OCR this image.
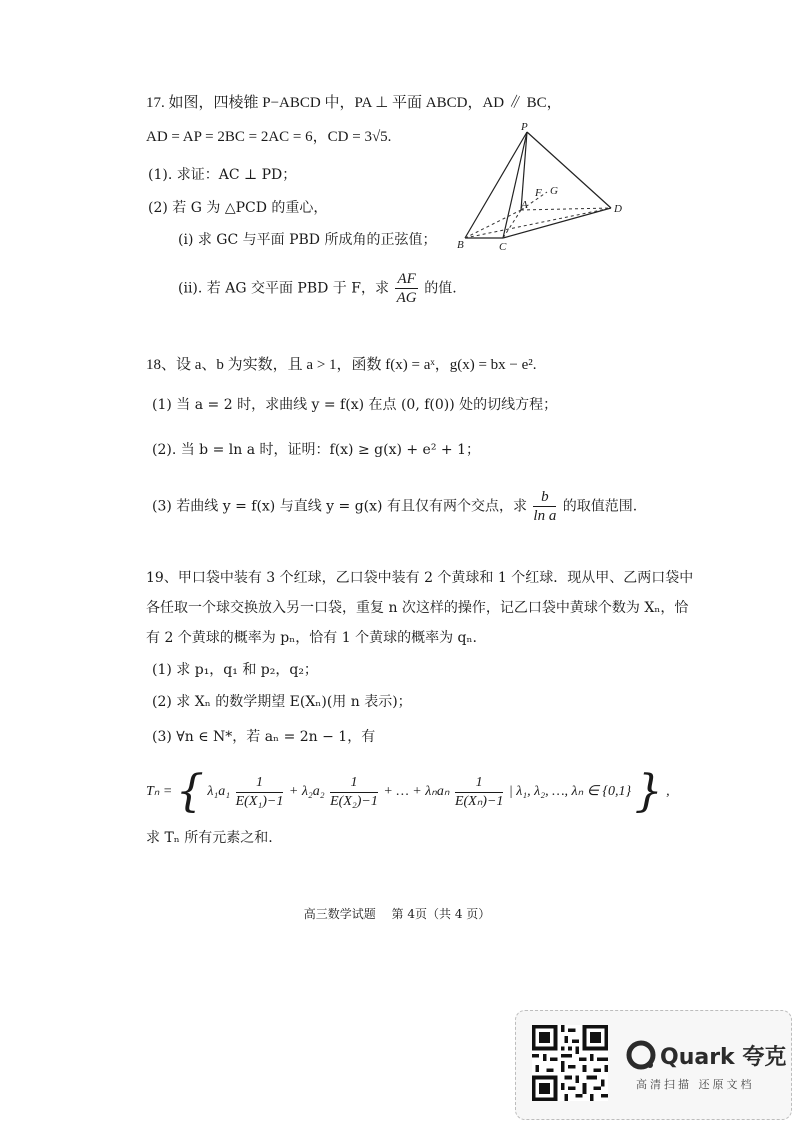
17. 如图，四棱锥 P−ABCD 中，PA ⊥ 平面 ABCD，AD ∥ BC，
AD = AP = 2BC = 2AC = 6，CD = 3√5.
(1). 求证：AC ⊥ PD；
(2) 若 G 为 △PCD 的重心，
(i) 求 GC 与平面 PBD 所成角的正弦值；
(ii). 若 AG 交平面 PBD 于 F，求 $\frac{AF}{AG}$ 的值.
P
A
B	C
D
F G
18、设 a、b 为实数，且 a > 1，函数 f(x) = aˣ，g(x) = bx − e².
(1) 当 a = 2 时，求曲线 y = f(x) 在点 (0, f(0)) 处的切线方程；
(2). 当 b = ln a 时，证明：f(x) ≥ g(x) + e² + 1；
(3) 若曲线 y = f(x) 与直线 y = g(x) 有且仅有两个交点，求 $\frac{b}{\text{ln a}}$ 的取值范围.
19、甲口袋中装有 3 个红球，乙口袋中装有 2 个黄球和 1 个红球．现从甲、乙两口袋中
各任取一个球交换放入另一口袋，重复 n 次这样的操作，记乙口袋中黄球个数为 Xₙ，恰
有 2 个黄球的概率为 pₙ，恰有 1 个黄球的概率为 qₙ.
(1) 求 p₁，q₁ 和 p₂，q₂；
(2) 求 Xₙ 的数学期望 E(Xₙ)(用 n 表示)；
(3) ∀n ∈ N*，若 aₙ = 2n − 1，有
Tₙ = { $\lambda_1a_1 \frac{1}{\text{E(X₁)−1}} + \lambda_2a_2 \frac{1}{\text{E(X₂)−1}}$ + … + λₙaₙ $\frac{1}{\text{E(Xₙ)−1}}$ | λ₁, λ₂, …, λₙ ∈ {0,1} } ,
求 Tₙ 所有元素之和.
高三数学试题　 第 4页（共 4 页）
Quark 夸克
高清扫描 还原文档
